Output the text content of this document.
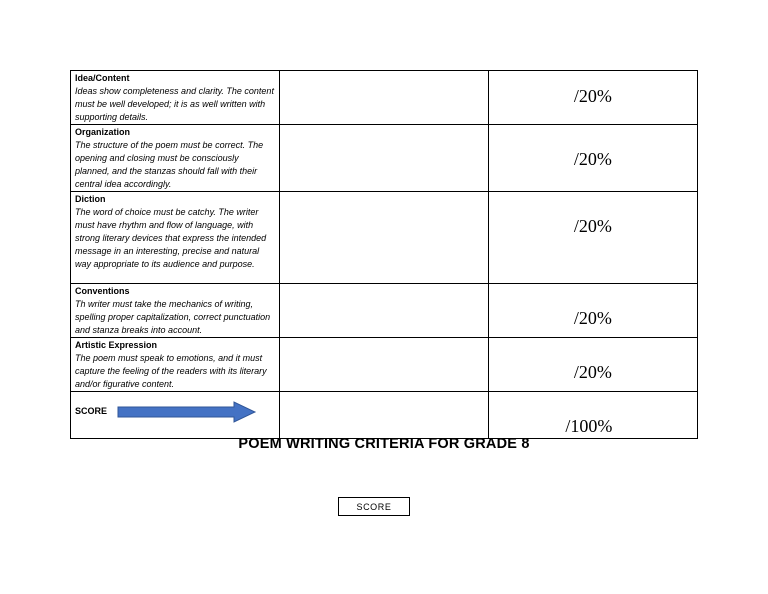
Idea/Content
Ideas show completeness and clarity. The content must be well developed; it is as well written with supporting details.		/20%

Organization
The structure of the poem must be correct. The opening and closing must be consciously planned, and the stanzas should fall with their central idea accordingly.		/20%

Diction
The word of choice must be catchy. The writer must have rhythm and flow of language, with strong literary devices that express the intended message in an interesting, precise and natural way appropriate to its audience and purpose.		/20%

Conventions
Th writer must take the mechanics of writing, spelling proper capitalization, correct punctuation and stanza breaks into account.		/20%

Artistic Expression
The poem must speak to emotions, and it must capture the feeling of the readers with its literary and/or figurative content.		/20%

SCORE		/100%
POEM WRITING CRITERIA FOR GRADE 8
SCORE
